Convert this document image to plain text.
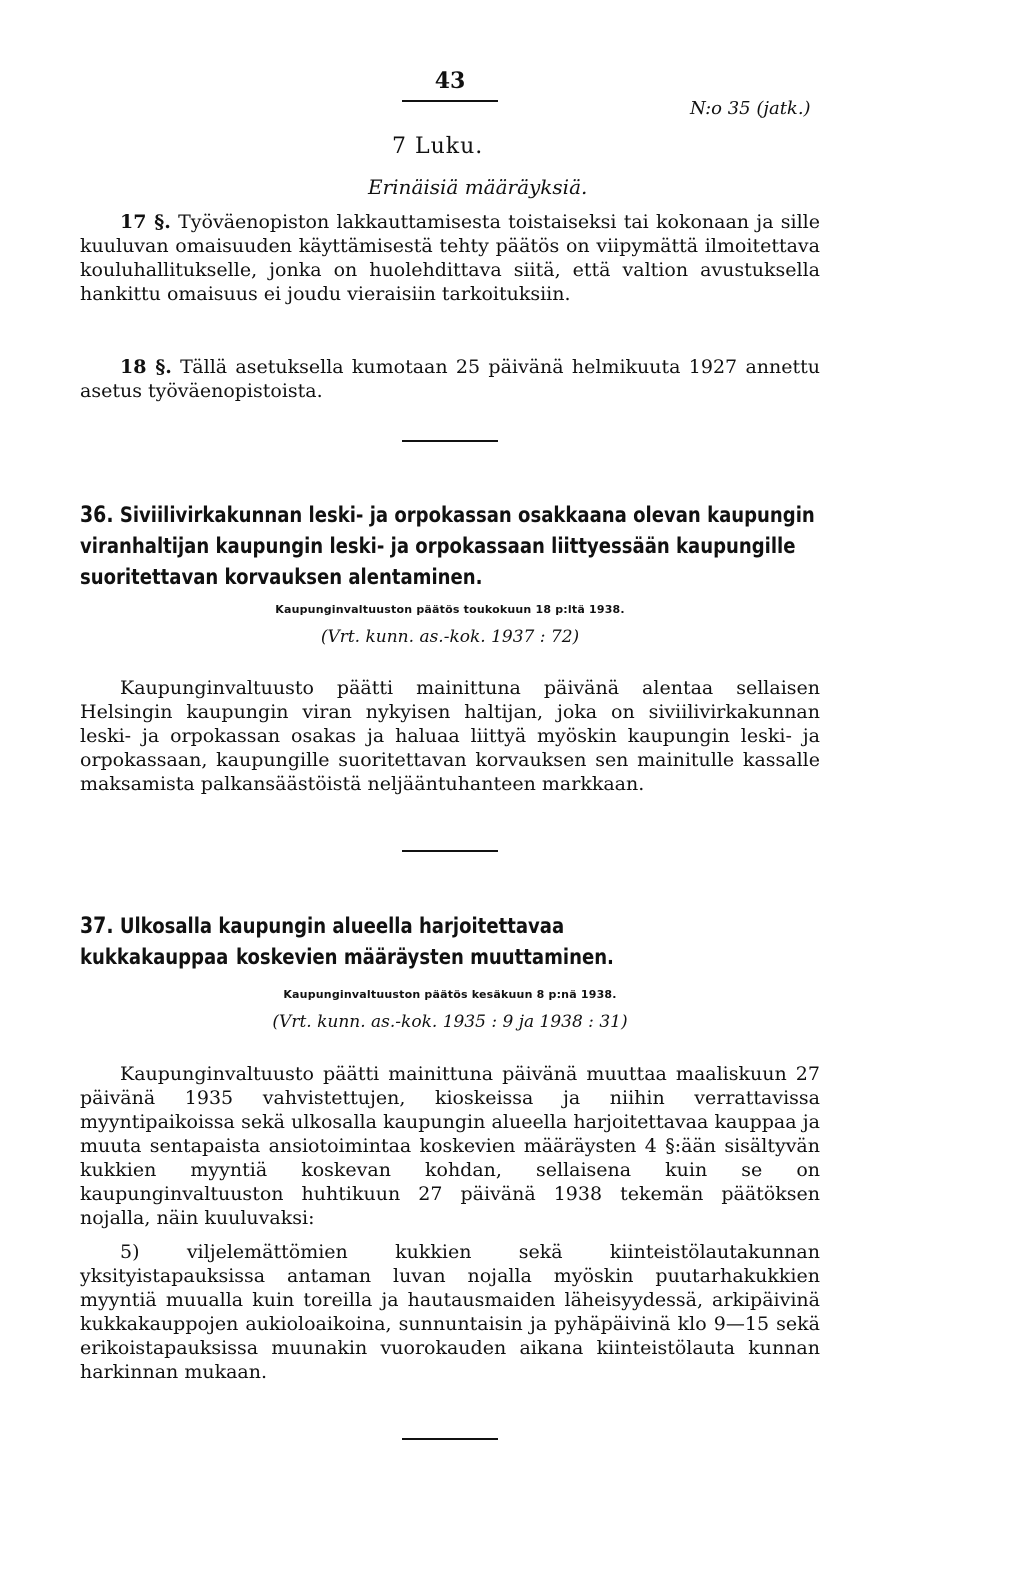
43
N:o 35 (jatk.)
7 Luku.
Erinäisiä määräyksiä.

17 §. Työväenopiston lakkauttamisesta toistaiseksi tai kokonaan ja sille kuuluvan omaisuuden käyttämisestä tehty päätös on viipymättä ilmoitettava kouluhallitukselle, jonka on huolehdittava siitä, että valtion avustuksella hankittu omaisuus ei joudu vieraisiin tarkoituksiin.

18 §. Tällä asetuksella kumotaan 25 päivänä helmikuuta 1927 annettu asetus työväenopistoista.

36. Siviilivirkakunnan leski- ja orpokassan osakkaana olevan kaupungin viranhaltijan kaupungin leski- ja orpokassaan liittyessään kaupungille suoritettavan korvauksen alentaminen.

Kaupunginvaltuuston päätös toukokuun 18 p:ltä 1938.
(Vrt. kunn. as.-kok. 1937 : 72)

Kaupunginvaltuusto päätti mainittuna päivänä alentaa sellaisen Helsingin kaupungin viran nykyisen haltijan, joka on siviilivirkakunnan leski- ja orpokassan osakas ja haluaa liittyä myöskin kaupungin leski- ja orpokassaan, kaupungille suoritettavan korvauksen sen mainitulle kassalle maksamista palkansäästöistä neljääntuhanteen markkaan.

37. Ulkosalla kaupungin alueella harjoitettavaa kukkakauppaa koskevien määräysten muuttaminen.

Kaupunginvaltuuston päätös kesäkuun 8 p:nä 1938.
(Vrt. kunn. as.-kok. 1935 : 9 ja 1938 : 31)

Kaupunginvaltuusto päätti mainittuna päivänä muuttaa maaliskuun 27 päivänä 1935 vahvistettujen, kioskeissa ja niihin verrattavissa myyntipaikoissa sekä ulkosalla kaupungin alueella harjoitettavaa kauppaa ja muuta sentapaista ansiotoimintaa koskevien määräysten 4 §:ään sisältyvän kukkien myyntiä koskevan kohdan, sellaisena kuin se on kaupunginvaltuuston huhtikuun 27 päivänä 1938 tekemän päätöksen nojalla, näin kuuluvaksi:

5) viljelemättömien kukkien sekä kiinteistölautakunnan yksityistapauksissa antaman luvan nojalla myöskin puutarhakukkien myyntiä muualla kuin toreilla ja hautausmaiden läheisyydessä, arkipäivinä kukkakauppojen aukioloaikoina, sunnuntaisin ja pyhäpäivinä klo 9—15 sekä erikoistapauksissa muunakin vuorokauden aikana kiinteistölauta kunnan harkinnan mukaan.
